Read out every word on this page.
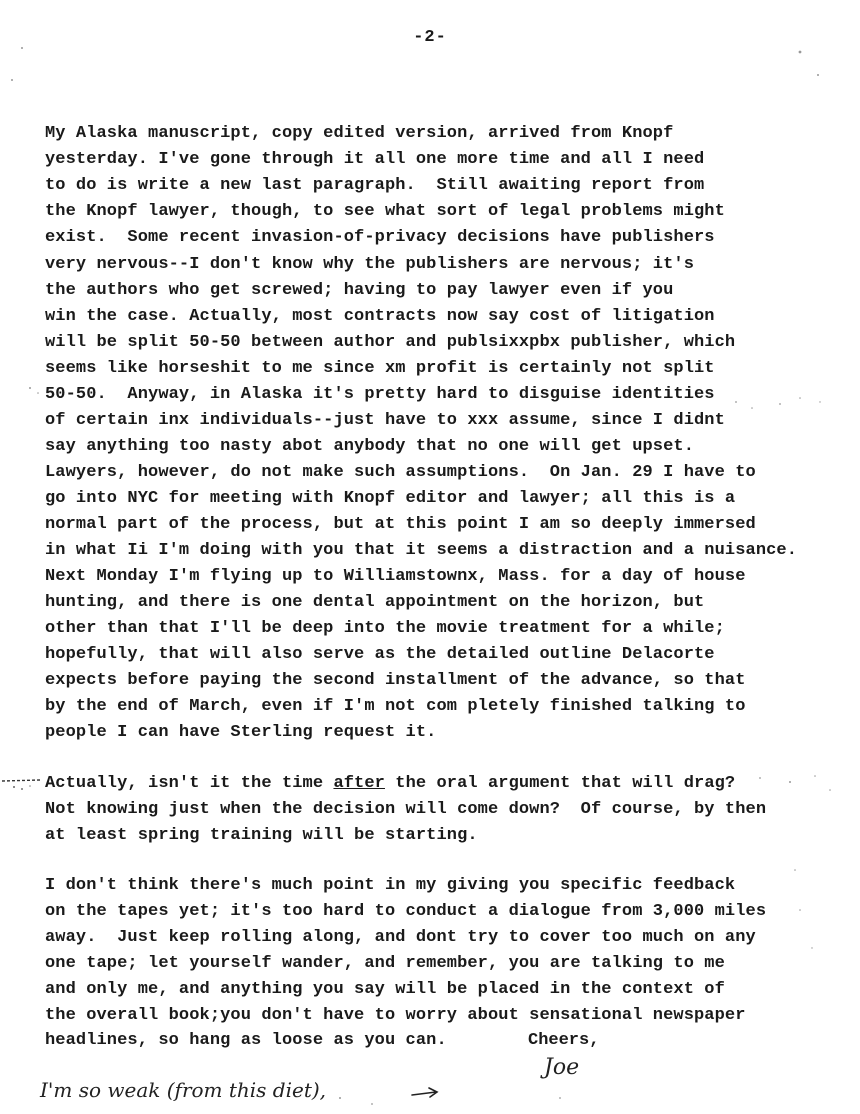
-2-
My Alaska manuscript, copy edited version, arrived from Knopf
yesterday. I've gone through it all one more time and all I need
to do is write a new last paragraph.  Still awaiting report from
the Knopf lawyer, though, to see what sort of legal problems might
exist.  Some recent invasion-of-privacy decisions have publishers
very nervous--I don't know why the publishers are nervous; it's
the authors who get screwed; having to pay lawyer even if you
win the case. Actually, most contracts now say cost of litigation
will be split 50-50 between author and publsixxpbx publisher, which
seems like horseshit to me since xm profit is certainly not split
50-50.  Anyway, in Alaska it's pretty hard to disguise identities
of certain inx individuals--just have to xxx assume, since I didnt
say anything too nasty abot anybody that no one will get upset.
Lawyers, however, do not make such assumptions.  On Jan. 29 I have to
go into NYC for meeting with Knopf editor and lawyer; all this is a
normal part of the process, but at this point I am so deeply immersed
in what Ii I'm doing with you that it seems a distraction and a nuisance.
Next Monday I'm flying up to Williamstownx, Mass. for a day of house
hunting, and there is one dental appointment on the horizon, but
other than that I'll be deep into the movie treatment for a while;
hopefully, that will also serve as the detailed outline Delacorte
expects before paying the second installment of the advance, so that
by the end of March, even if I'm not com pletely finished talking to
people I can have Sterling request it.
Actually, isn't it the time after the oral argument that will drag?
Not knowing just when the decision will come down?  Of course, by then
at least spring training will be starting.
I don't think there's much point in my giving you specific feedback
on the tapes yet; it's too hard to conduct a dialogue from 3,000 miles
away.  Just keep rolling along, and dont try to cover too much on any
one tape; let yourself wander, and remember, you are talking to me
and only me, and anything you say will be placed in the context of
the overall book;you don't have to worry about sensational newspaper
headlines, so hang as loose as you can.	Cheers,
Joe
I'm so weak (from this diet),
